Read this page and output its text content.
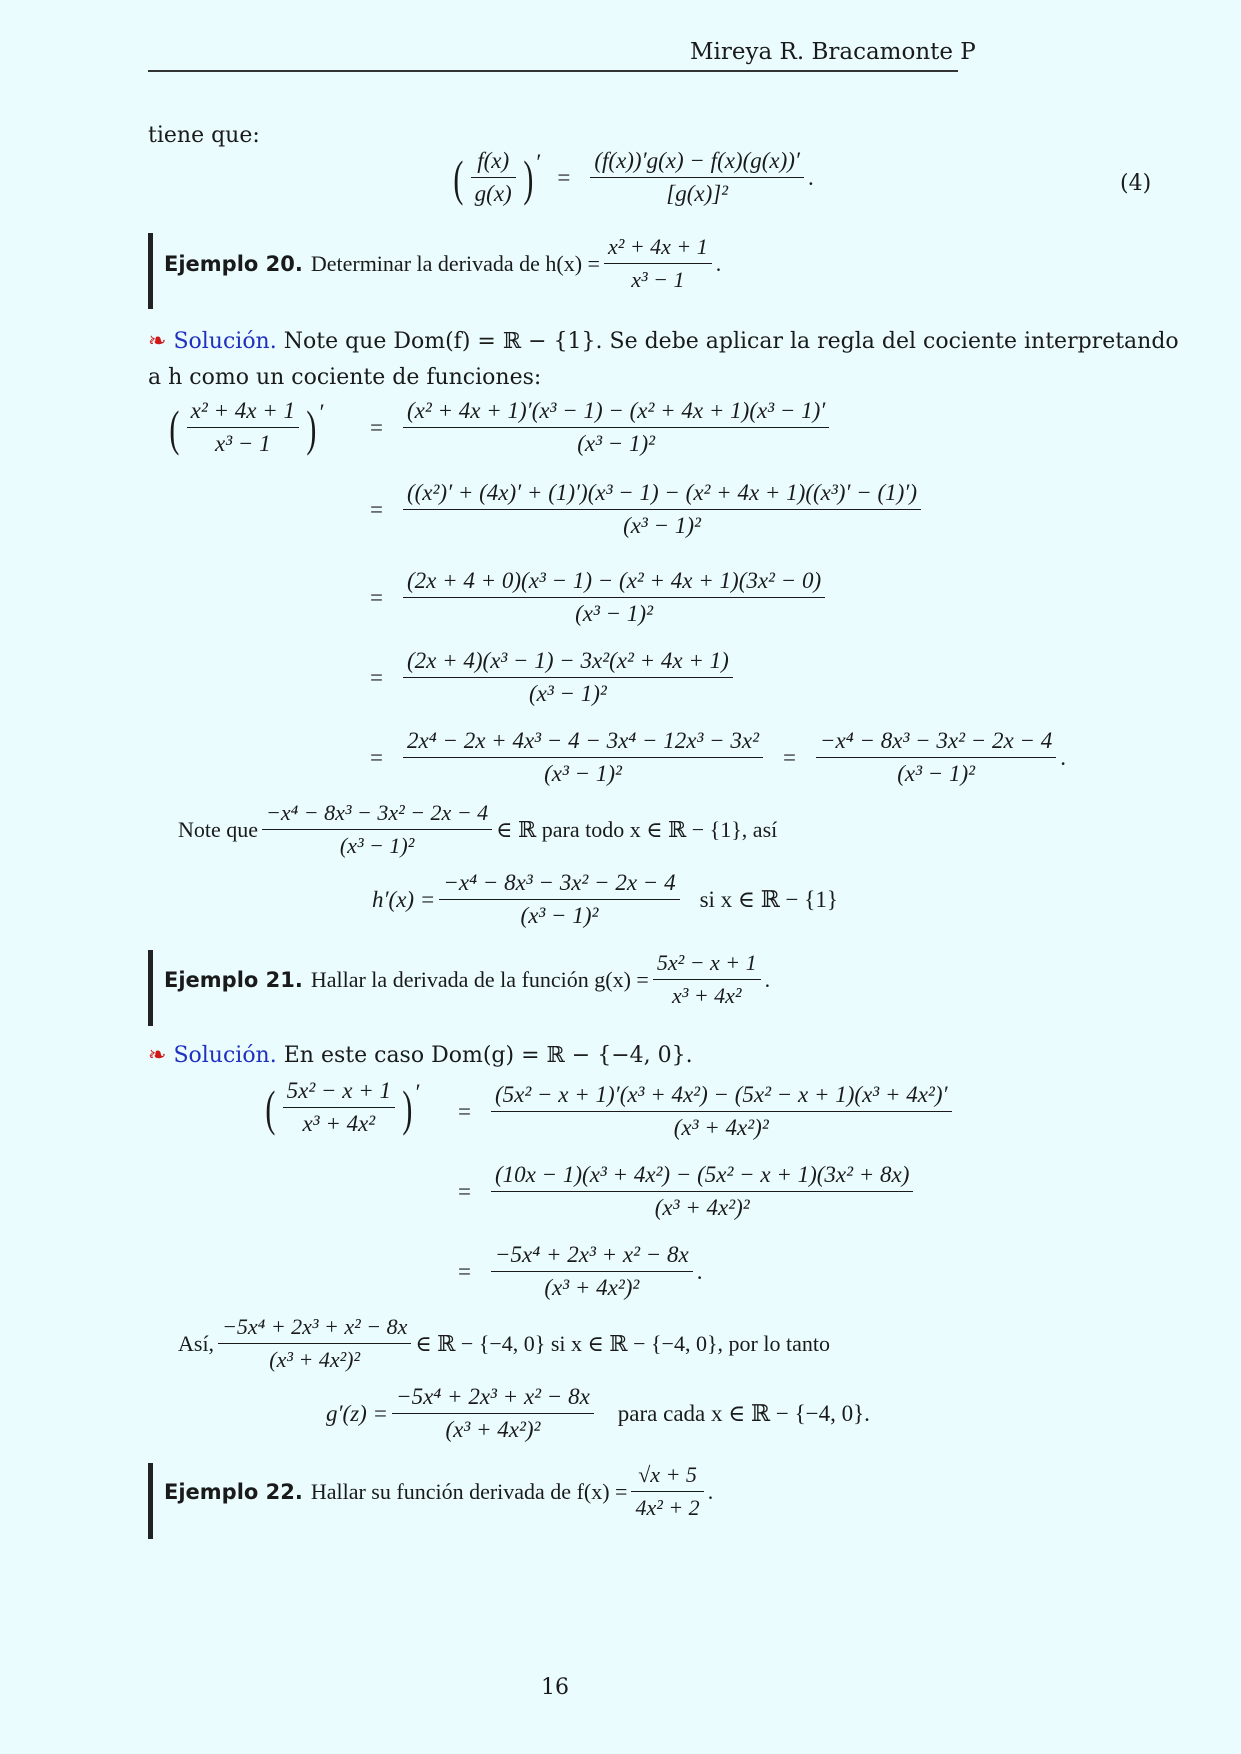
Mireya R. Bracamonte P
tiene que:
( $\frac{f(x)}{g(x)}$ ) ′
= $\frac{(f(x))'g(x) - f(x)(g(x))'}{\text{[g(x)]²}}$ .	(4)
Ejemplo 20. Determinar la derivada de $h(x) = \frac{\text{x² + 4x + 1}}{\text{x³ − 1}}$ .
❧ Solución. Note que Dom(f) = ℝ − {1}. Se debe aplicar la regla del cociente interpretando
a h como un cociente de funciones:
( $\frac{\text{x² + 4x + 1}}{\text{x³ − 1}}$ ) ′
= $\frac{\text{(x² + 4x + 1)′(x³ − 1) − (x² + 4x + 1)(x³ − 1)′}}{\text{(x³ − 1)²}}$
= $\frac{\text{((x²)′ + (4x)′ + (1)′)(x³ − 1) − (x² + 4x + 1)((x³)′ − (1)′)}}{\text{(x³ − 1)²}}$
= $\frac{\text{(2x + 4 + 0)(x³ − 1) − (x² + 4x + 1)(3x² − 0)}}{\text{(x³ − 1)²}}$
= $\frac{\text{(2x + 4)(x³ − 1) − 3x²(x² + 4x + 1)}}{\text{(x³ − 1)²}}$
= $\frac{\text{2x⁴ − 2x + 4x³ − 4 − 3x⁴ − 12x³ − 3x²}}{\text{(x³ − 1)²}} = \frac{\text{−x⁴ − 8x³ − 3x² − 2x − 4}}{\text{(x³ − 1)²}}$ .
Note que $\frac{\text{−x⁴ − 8x³ − 3x² − 2x − 4}}{\text{(x³ − 1)²}}$ ∈ ℝ para todo x ∈ ℝ − {1}, así
$h'(x) = \frac{\text{−x⁴ − 8x³ − 3x² − 2x − 4}}{\text{(x³ − 1)²}}$ si x ∈ ℝ − {1}
Ejemplo 21. Hallar la derivada de la función $g(x) = \frac{\text{5x² − x + 1}}{\text{x³ + 4x²}}$ .
❧ Solución. En este caso Dom(g) = ℝ − {−4, 0}.
( $\frac{\text{5x² − x + 1}}{\text{x³ + 4x²}}$ ) ′
= $\frac{\text{(5x² − x + 1)′(x³ + 4x²) − (5x² − x + 1)(x³ + 4x²)′}}{\text{(x³ + 4x²)²}}$
= $\frac{\text{(10x − 1)(x³ + 4x²) − (5x² − x + 1)(3x² + 8x)}}{\text{(x³ + 4x²)²}}$
= $\frac{\text{−5x⁴ + 2x³ + x² − 8x}}{\text{(x³ + 4x²)²}}$ .
Así, $\frac{\text{−5x⁴ + 2x³ + x² − 8x}}{\text{(x³ + 4x²)²}}$ ∈ ℝ − {−4, 0} si x ∈ ℝ − {−4, 0}, por lo tanto
$g'(z) = \frac{\text{−5x⁴ + 2x³ + x² − 8x}}{\text{(x³ + 4x²)²}}$ para cada x ∈ ℝ − {−4, 0}.
Ejemplo 22. Hallar su función derivada de $f(x) = \frac{√x + 5}{\text{4x² + 2}}$ .
16
